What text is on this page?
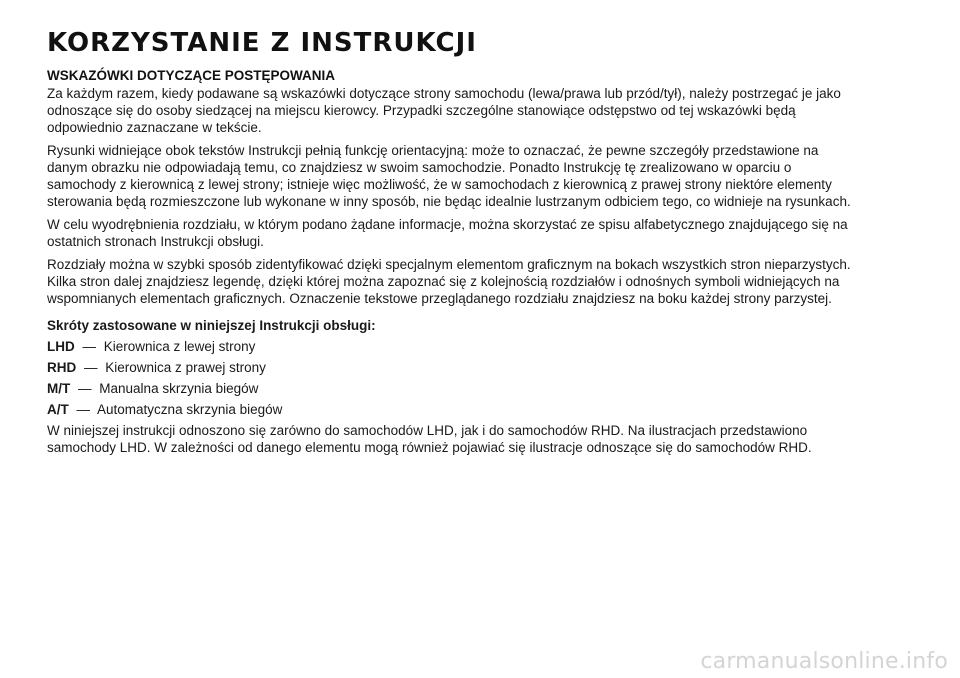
KORZYSTANIE Z INSTRUKCJI
WSKAZÓWKI DOTYCZĄCE POSTĘPOWANIA

Za każdym razem, kiedy podawane są wskazówki dotyczące strony samochodu (lewa/prawa lub przód/tył), należy postrzegać je jako odnoszące się do osoby siedzącej na miejscu kierowcy. Przypadki szczególne stanowiące odstępstwo od tej wskazówki będą odpowiednio zaznaczane w tekście.

Rysunki widniejące obok tekstów Instrukcji pełnią funkcję orientacyjną: może to oznaczać, że pewne szczegóły przedstawione na danym obrazku nie odpowiadają temu, co znajdziesz w swoim samochodzie. Ponadto Instrukcję tę zrealizowano w oparciu o samochody z kierownicą z lewej strony; istnieje więc możliwość, że w samochodach z kierownicą z prawej strony niektóre elementy sterowania będą rozmieszczone lub wykonane w inny sposób, nie będąc idealnie lustrzanym odbiciem tego, co widnieje na rysunkach.

W celu wyodrębnienia rozdziału, w którym podano żądane informacje, można skorzystać ze spisu alfabetycznego znajdującego się na ostatnich stronach Instrukcji obsługi.

Rozdziały można w szybki sposób zidentyfikować dzięki specjalnym elementom graficznym na bokach wszystkich stron nieparzystych. Kilka stron dalej znajdziesz legendę, dzięki której można zapoznać się z kolejnością rozdziałów i odnośnych symboli widniejących na wspomnianych elementach graficznych. Oznaczenie tekstowe przeglądanego rozdziału znajdziesz na boku każdej strony parzystej.

Skróty zastosowane w niniejszej Instrukcji obsługi:
LHD — Kierownica z lewej strony
RHD — Kierownica z prawej strony
M/T — Manualna skrzynia biegów
A/T — Automatyczna skrzynia biegów

W niniejszej instrukcji odnoszono się zarówno do samochodów LHD, jak i do samochodów RHD. Na ilustracjach przedstawiono samochody LHD. W zależności od danego elementu mogą również pojawiać się ilustracje odnoszące się do samochodów RHD.

carmanualsonline.info
